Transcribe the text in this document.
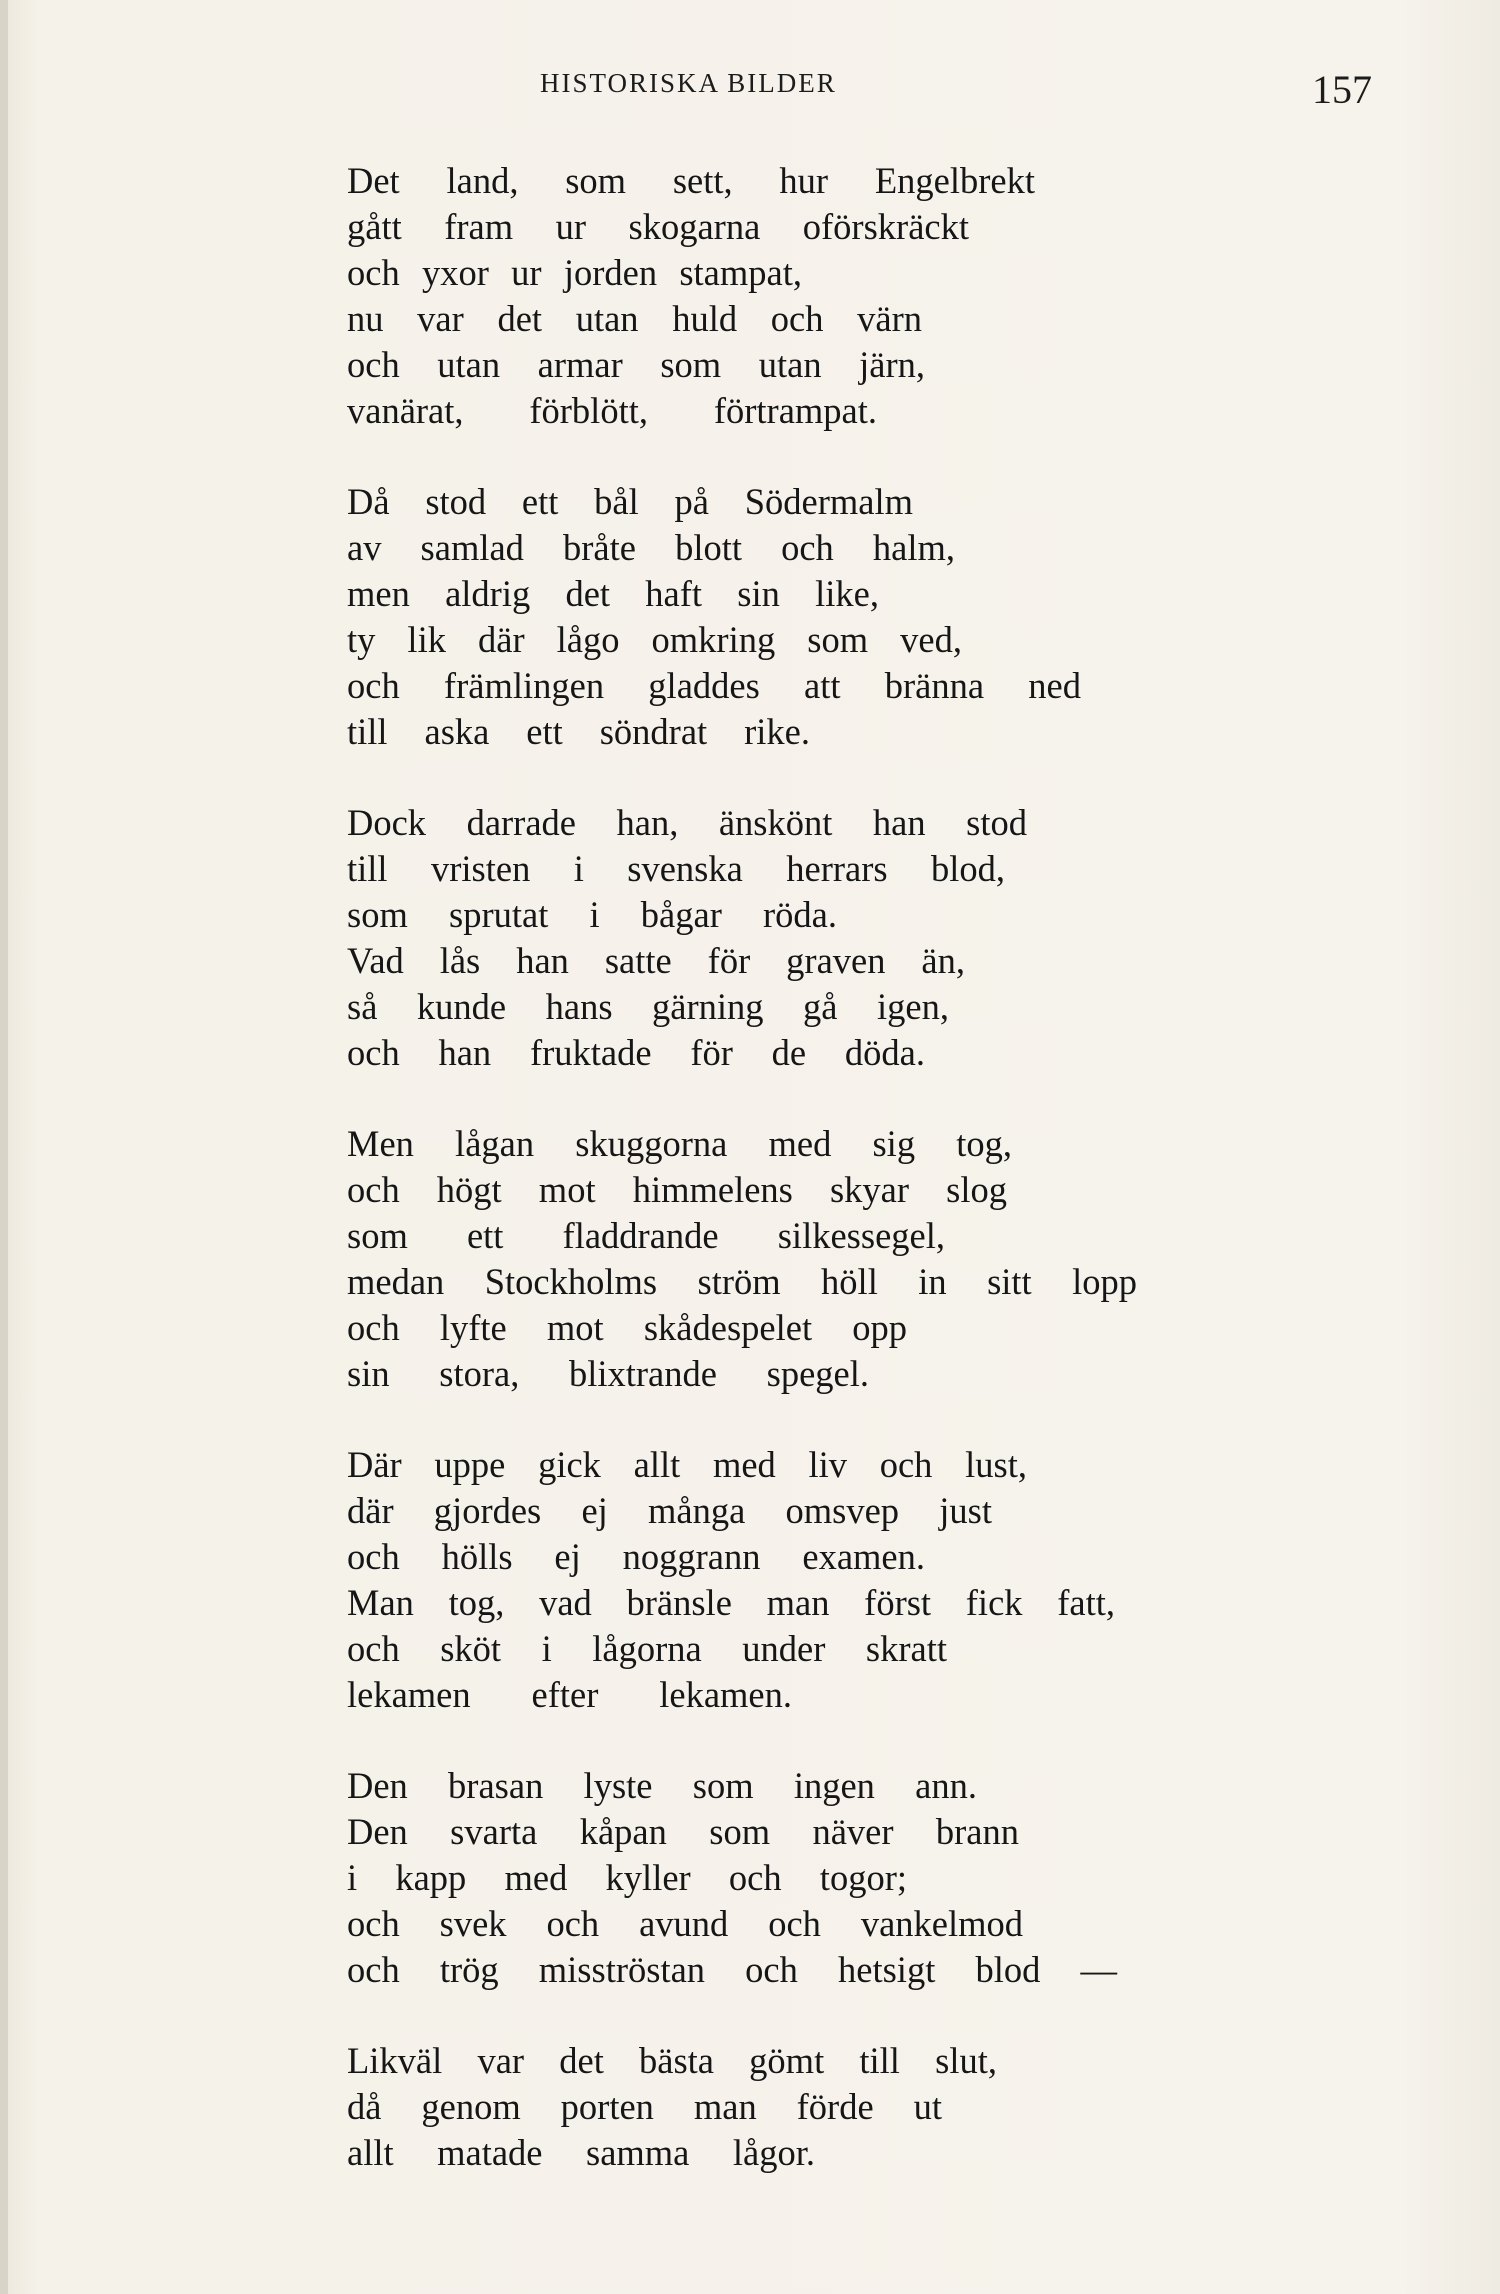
HISTORISKA BILDER	157
Det land, som sett, hur Engelbrekt
gått fram ur skogarna oförskräckt
och yxor ur jorden stampat,
nu var det utan huld och värn
och utan armar som utan järn,
vanärat, förblött, förtrampat.
Då stod ett bål på Södermalm
av samlad bråte blott och halm,
men aldrig det haft sin like,
ty lik där lågo omkring som ved,
och främlingen gladdes att bränna ned
till aska ett söndrat rike.
Dock darrade han, änskönt han stod
till vristen i svenska herrars blod,
som sprutat i bågar röda.
Vad lås han satte för graven än,
så kunde hans gärning gå igen,
och han fruktade för de döda.
Men lågan skuggorna med sig tog,
och högt mot himmelens skyar slog
som ett fladdrande silkessegel,
medan Stockholms ström höll in sitt lopp
och lyfte mot skådespelet opp
sin stora, blixtrande spegel.
Där uppe gick allt med liv och lust,
där gjordes ej många omsvep just
och hölls ej noggrann examen.
Man tog, vad bränsle man först fick fatt,
och sköt i lågorna under skratt
lekamen efter lekamen.
Den brasan lyste som ingen ann.
Den svarta kåpan som näver brann
i kapp med kyller och togor;
och svek och avund och vankelmod
och trög misströstan och hetsigt blod —
Likväl var det bästa gömt till slut,
då genom porten man förde ut
allt matade samma lågor.
